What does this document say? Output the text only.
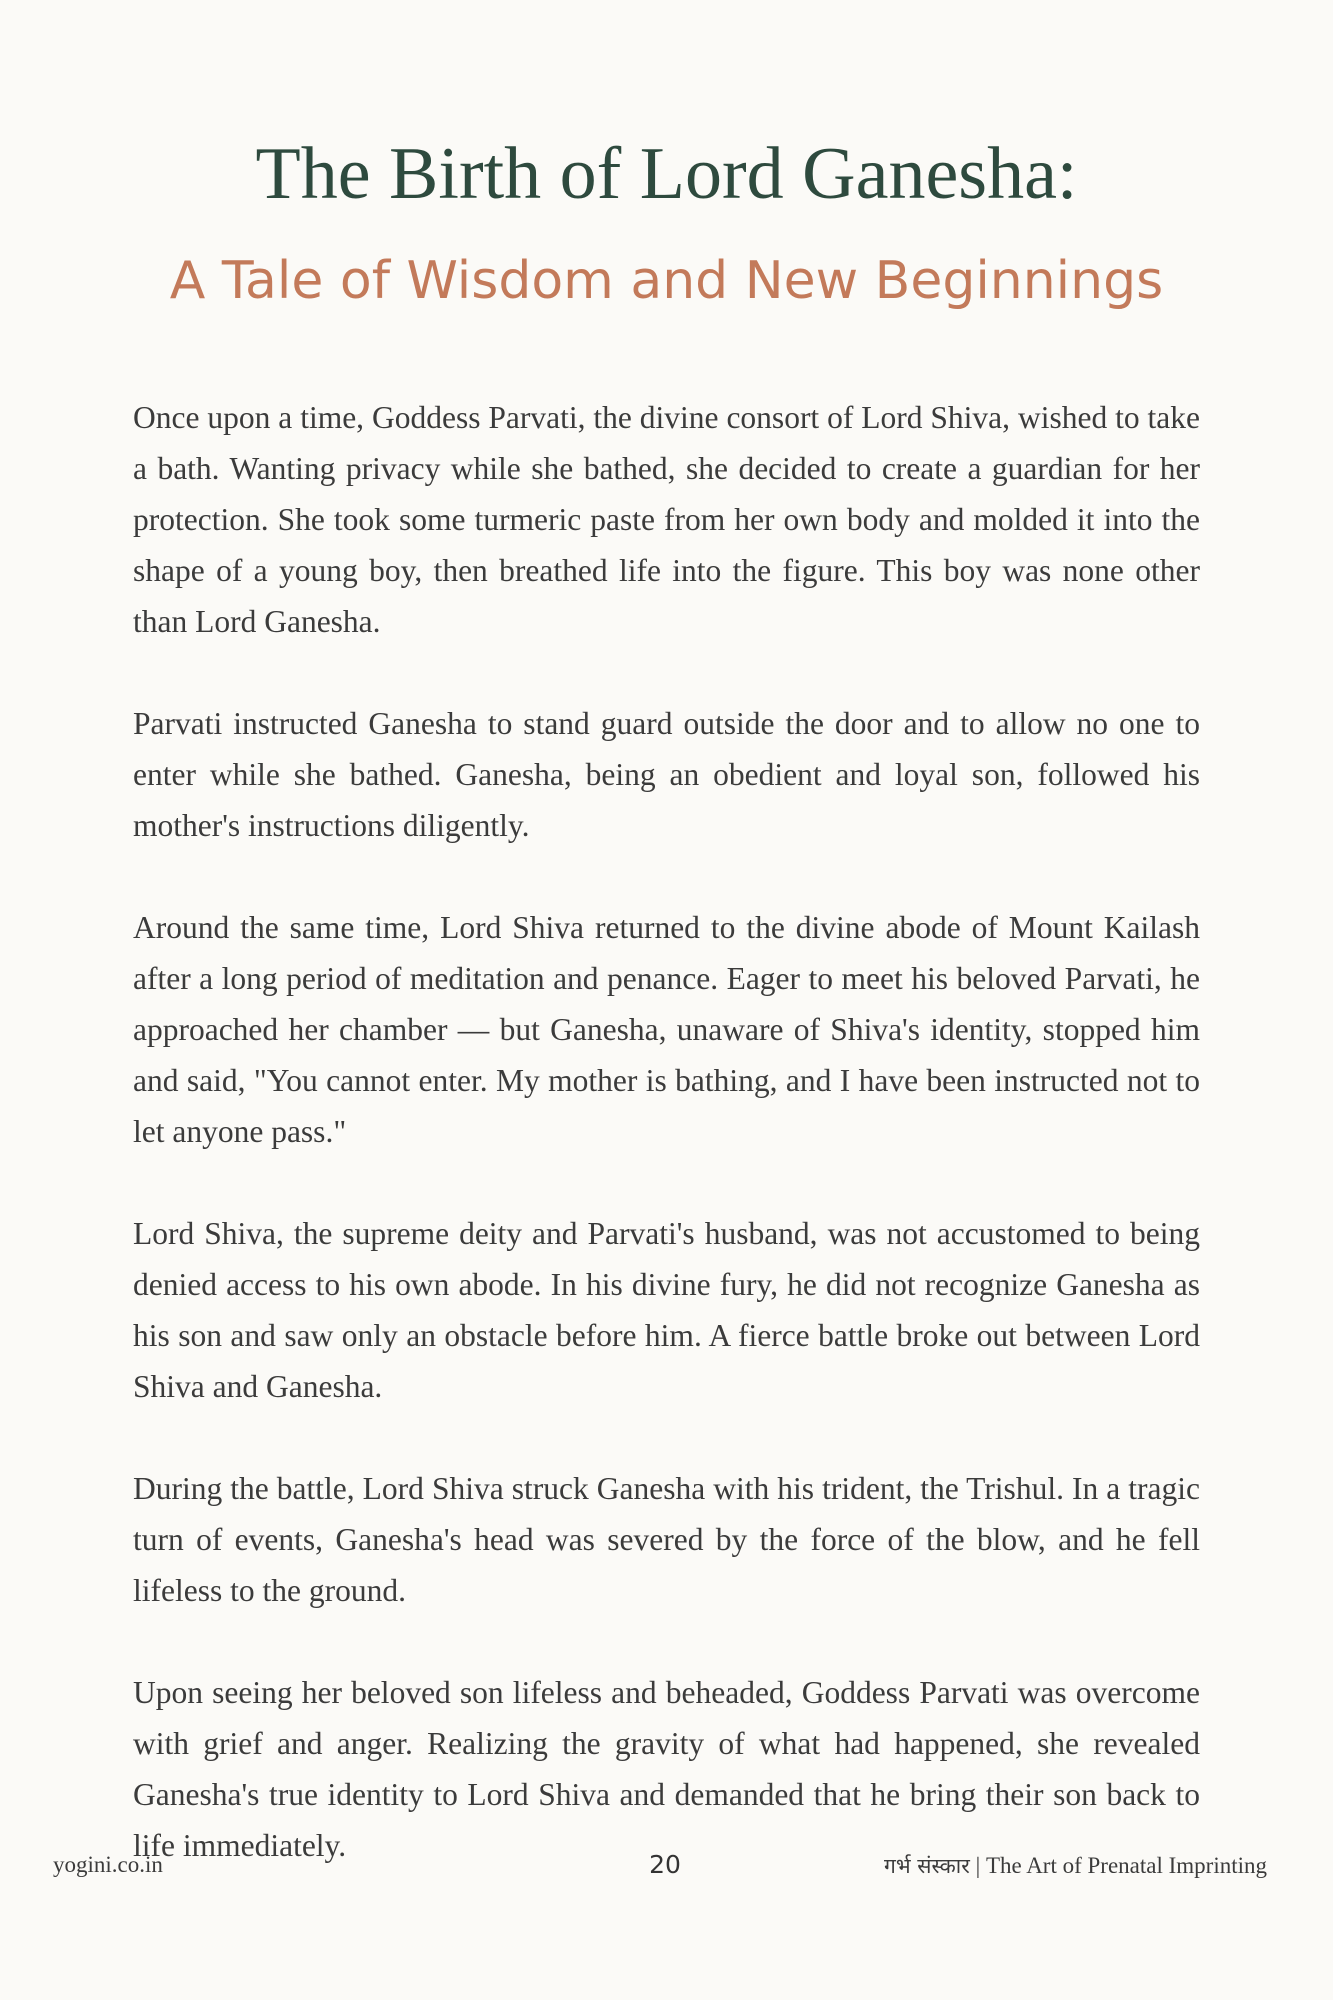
The Birth of Lord Ganesha:
A Tale of Wisdom and New Beginnings

Once upon a time, Goddess Parvati, the divine consort of Lord Shiva, wished to take a bath. Wanting privacy while she bathed, she decided to create a guardian for her protection. She took some turmeric paste from her own body and molded it into the shape of a young boy, then breathed life into the figure. This boy was none other than Lord Ganesha.

Parvati instructed Ganesha to stand guard outside the door and to allow no one to enter while she bathed. Ganesha, being an obedient and loyal son, followed his mother's instructions diligently.

Around the same time, Lord Shiva returned to the divine abode of Mount Kailash after a long period of meditation and penance. Eager to meet his beloved Parvati, he approached her chamber — but Ganesha, unaware of Shiva's identity, stopped him and said, "You cannot enter. My mother is bathing, and I have been instructed not to let anyone pass."

Lord Shiva, the supreme deity and Parvati's husband, was not accustomed to being denied access to his own abode. In his divine fury, he did not recognize Ganesha as his son and saw only an obstacle before him. A fierce battle broke out between Lord Shiva and Ganesha.

During the battle, Lord Shiva struck Ganesha with his trident, the Trishul. In a tragic turn of events, Ganesha's head was severed by the force of the blow, and he fell lifeless to the ground.

Upon seeing her beloved son lifeless and beheaded, Goddess Parvati was overcome with grief and anger. Realizing the gravity of what had happened, she revealed Ganesha's true identity to Lord Shiva and demanded that he bring their son back to life immediately.

yogini.co.in	20	गर्भ संस्कार | The Art of Prenatal Imprinting
